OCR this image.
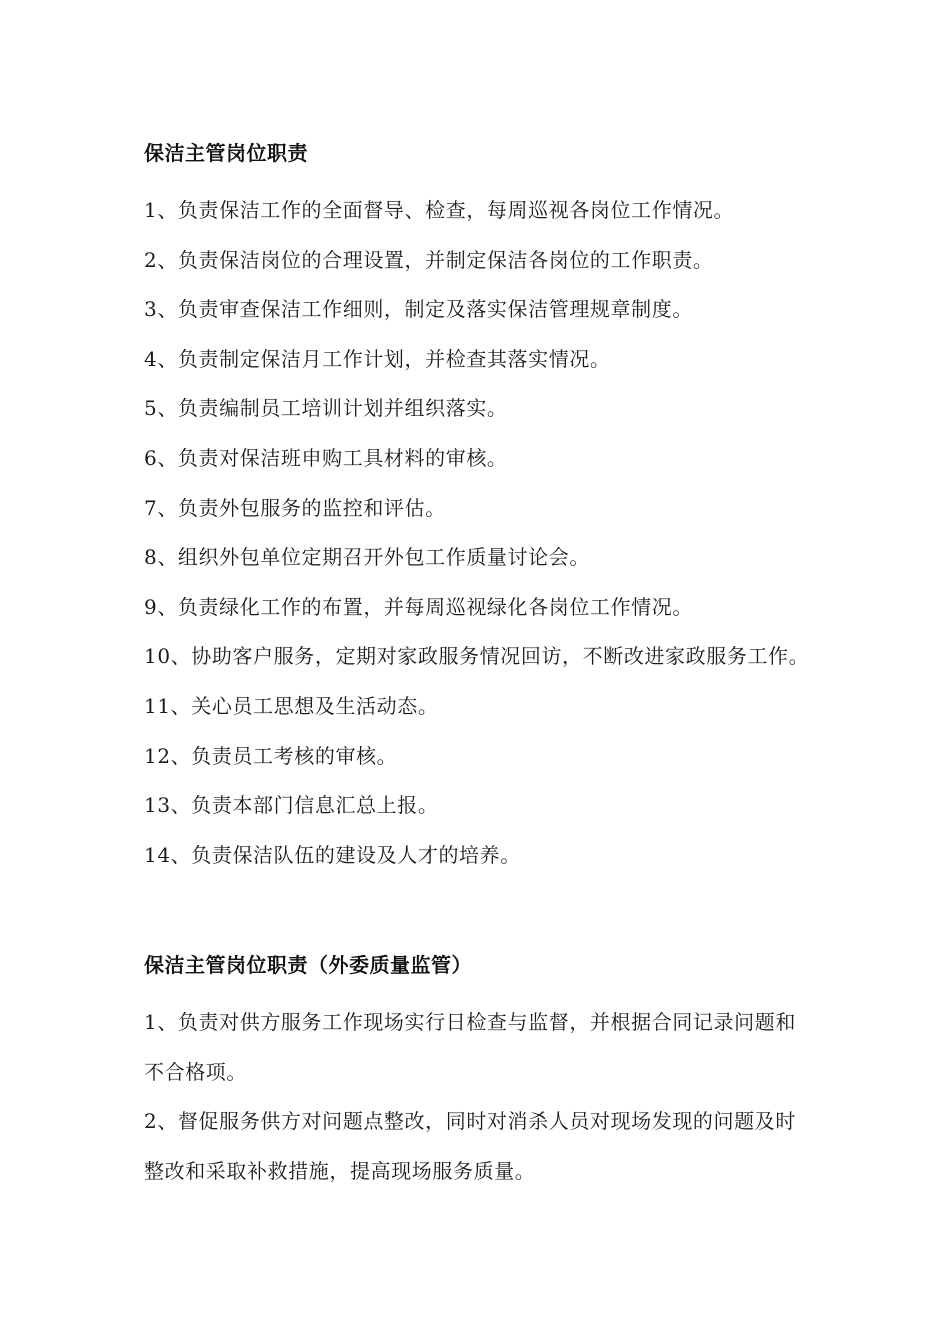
保洁主管岗位职责

1、负责保洁工作的全面督导、检查，每周巡视各岗位工作情况。

2、负责保洁岗位的合理设置，并制定保洁各岗位的工作职责。

3、负责审查保洁工作细则，制定及落实保洁管理规章制度。

4、负责制定保洁月工作计划，并检查其落实情况。

5、负责编制员工培训计划并组织落实。

6、负责对保洁班申购工具材料的审核。

7、负责外包服务的监控和评估。

8、组织外包单位定期召开外包工作质量讨论会。

9、负责绿化工作的布置，并每周巡视绿化各岗位工作情况。

10、协助客户服务，定期对家政服务情况回访，不断改进家政服务工作。

11、关心员工思想及生活动态。

12、负责员工考核的审核。

13、负责本部门信息汇总上报。

14、负责保洁队伍的建设及人才的培养。

保洁主管岗位职责（外委质量监管）

1、负责对供方服务工作现场实行日检查与监督，并根据合同记录问题和不合格项。

2、督促服务供方对问题点整改，同时对消杀人员对现场发现的问题及时整改和采取补救措施，提高现场服务质量。
